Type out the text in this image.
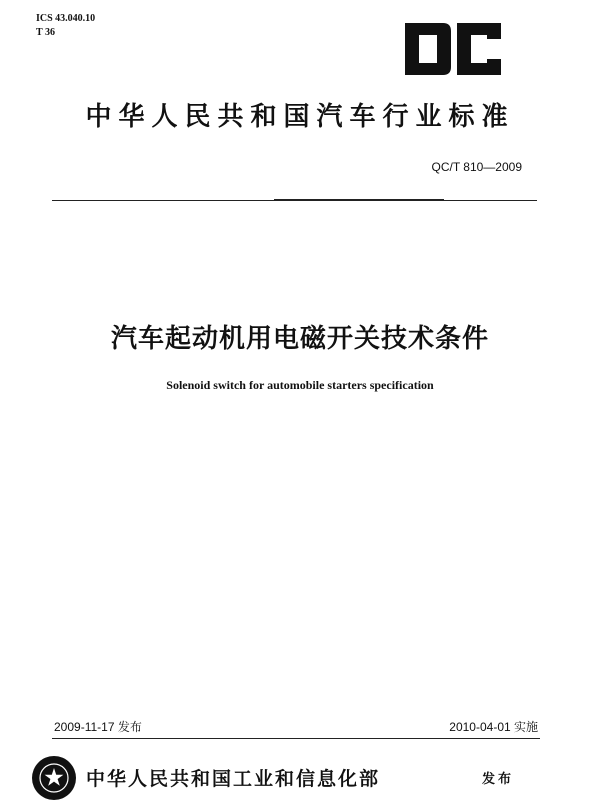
ICS 43.040.10
T 36
中华人民共和国汽车行业标准
QC/T 810—2009
汽车起动机用电磁开关技术条件
Solenoid switch for automobile starters specification
2009-11-17 发布	2010-04-01 实施
中华人民共和国工业和信息化部	发布
